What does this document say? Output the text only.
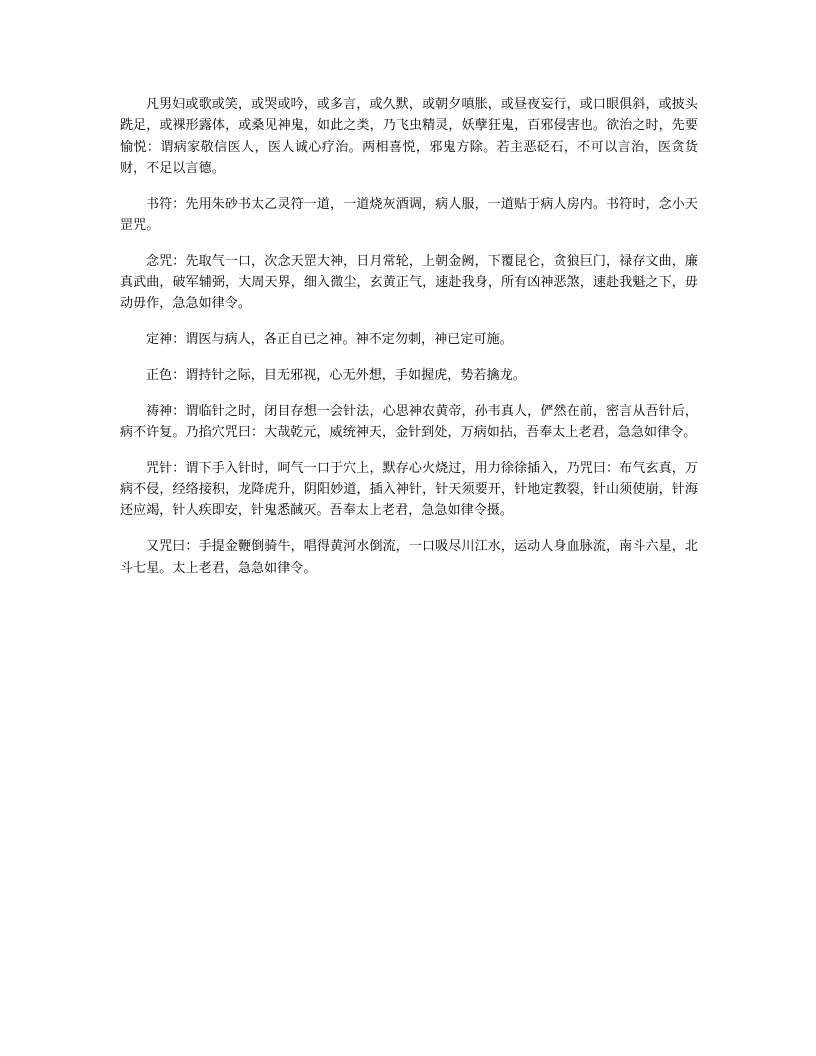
凡男妇或歌或笑，或哭或吟，或多言，或久默，或朝夕嗔胀，或昼夜妄行，或口眼俱斜，或披头跣足，或裸形露体，或桑见神鬼，如此之类，乃飞虫精灵，妖孽狂鬼，百邪侵害也。欲治之时，先要愉悦：谓病家敬信医人，医人诚心疗治。两相喜悦，邪鬼方除。若主恶砭石，不可以言治，医贪货财，不足以言德。

书符：先用朱砂书太乙灵符一道，一道烧灰酒调，病人服，一道贴于病人房内。书符时，念小天罡咒。

念咒：先取气一口，次念天罡大神，日月常轮，上朝金阙，下覆昆仑，贪狼巨门，禄存文曲，廉真武曲，破军辅弼，大周天界，细入微尘，玄黄正气，速赴我身，所有凶神恶煞，速赴我魁之下，毋动毋作，急急如律令。

定神：谓医与病人，各正自已之神。神不定勿刺，神已定可施。

正色：谓持针之际，目无邪视，心无外想，手如握虎，势若擒龙。

祷神：谓临针之时，闭目存想一会针法，心思神农黄帝，孙韦真人，俨然在前，密言从吾针后，病不许复。乃掐穴咒曰：大哉乾元，威统神天，金针到处，万病如拈，吾奉太上老君，急急如律令。

咒针：谓下手入针时，呵气一口于穴上，默存心火烧过，用力徐徐插入，乃咒曰：布气玄真，万病不侵，经络接积，龙降虎升，阴阳妙道，插入神针，针天须要开，针地定教裂，针山须使崩，针海还应竭，针人疾即安，针鬼悉馘灭。吾奉太上老君，急急如律令摄。

又咒曰：手提金鞭倒骑牛，唱得黄河水倒流，一口吸尽川江水，运动人身血脉流，南斗六星，北斗七星。太上老君，急急如律令。
